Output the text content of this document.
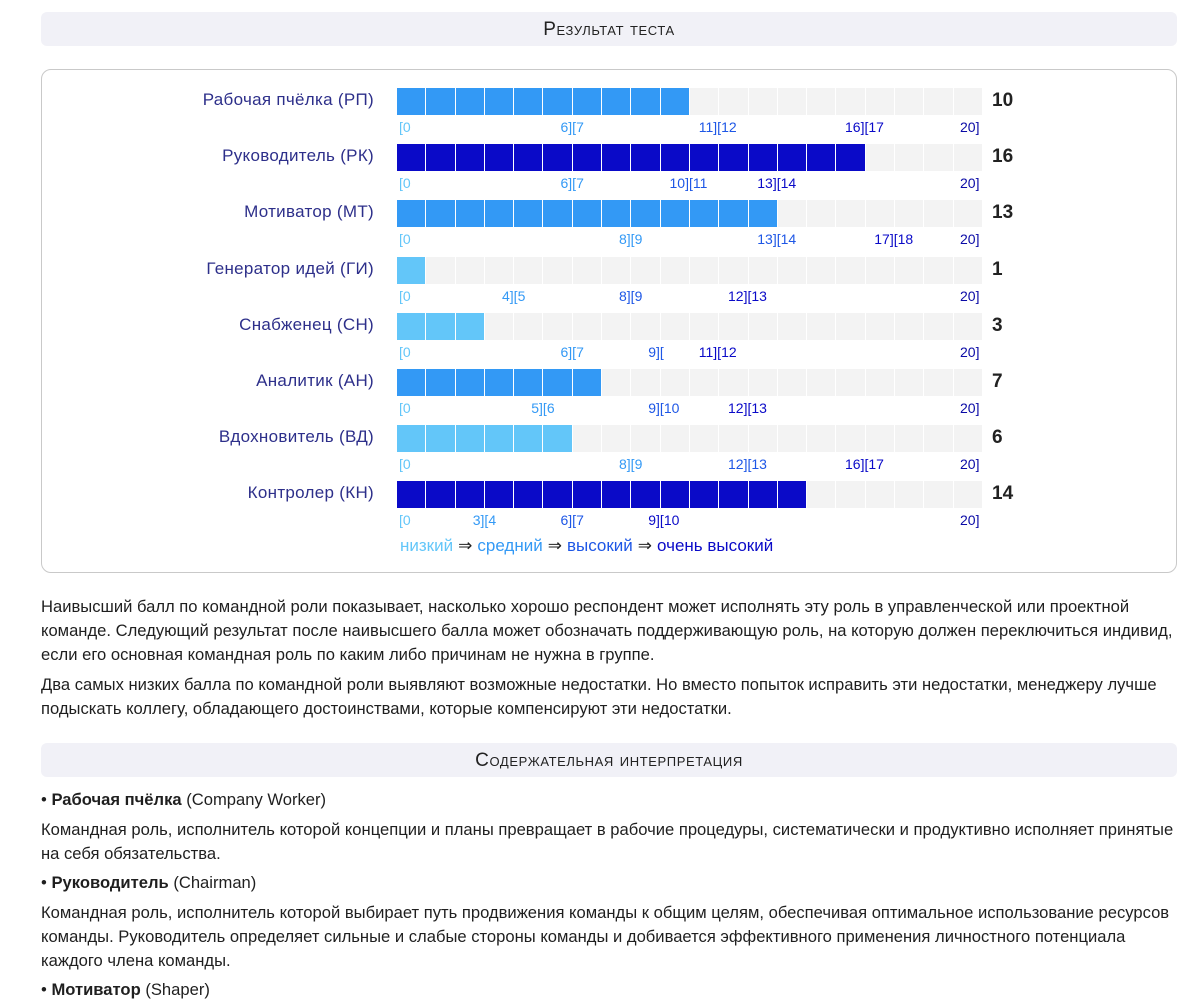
Результат теста
Рабочая пчёлка (РП)	10
[0	6][7	11][12	16][17	20]
Руководитель (РК)	16
[0	6][7	10][11	13][14	20]
Мотиватор (МТ)	13
[0	8][9	13][14	17][18	20]
Генератор идей (ГИ)	1
[0	4][5	8][9	12][13	20]
Снабженец (СН)	3
[0	6][7	9][ 11][12	20]
Аналитик (АН)	7
[0	5][6	9][10	12][13	20]
Вдохновитель (ВД)	6
[0	8][9	12][13	16][17	20]
Контролер (КН)	14
[0	3][4	6][7	9][10	20]
низкий ⇒ средний ⇒ высокий ⇒ очень высокий

Наивысший балл по командной роли показывает, насколько хорошо респондент может исполнять эту роль в управленческой или проектной команде. Следующий результат после наивысшего балла может обозначать поддерживающую роль, на которую должен переключиться индивид, если его основная командная роль по каким либо причинам не нужна в группе.

Два самых низких балла по командной роли выявляют возможные недостатки. Но вместо попыток исправить эти недостатки, менеджеру лучше подыскать коллегу, обладающего достоинствами, которые компенсируют эти недостатки.

Содержательная интерпретация
• Рабочая пчёлка (Company Worker)

Командная роль, исполнитель которой концепции и планы превращает в рабочие процедуры, систематически и продуктивно исполняет принятые на себя обязательства.

• Руководитель (Chairman)

Командная роль, исполнитель которой выбирает путь продвижения команды к общим целям, обеспечивая оптимальное использование ресурсов команды. Руководитель определяет сильные и слабые стороны команды и добивается эффективного применения личностного потенциала каждого члена команды.

• Мотиватор (Shaper)
